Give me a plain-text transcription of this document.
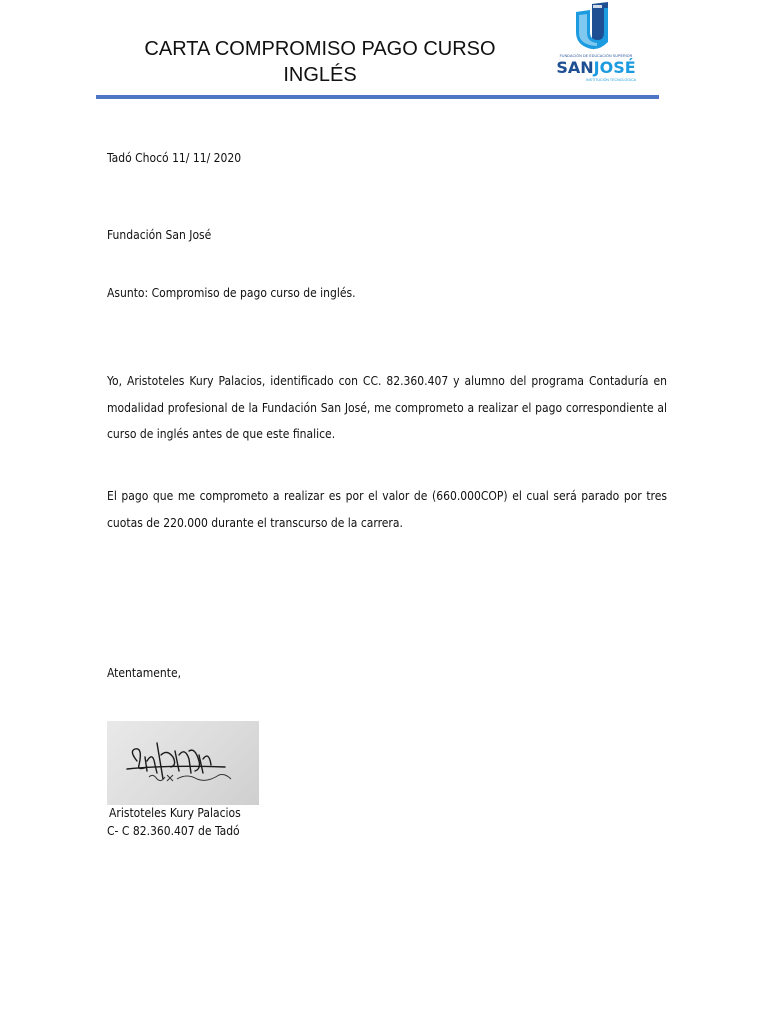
CARTA COMPROMISO PAGO CURSO
INGLÉS
FUNDACIÓN DE EDUCACIÓN SUPERIOR
SANJOSÉ
INSTITUCIÓN TECNOLÓGICA
Tadó Chocó 11/ 11/ 2020
Fundación San José
Asunto: Compromiso de pago curso de inglés.
Yo, Aristoteles Kury Palacios, identificado con CC. 82.360.407 y alumno del programa Contaduría en modalidad profesional de la Fundación San José, me comprometo a realizar el pago correspondiente al curso de inglés antes de que este finalice.
El pago que me comprometo a realizar es por el valor de (660.000COP) el cual será parado por tres cuotas de 220.000 durante el transcurso de la carrera.
Atentamente,
Aristoteles Kury Palacios
C- C 82.360.407 de Tadó
